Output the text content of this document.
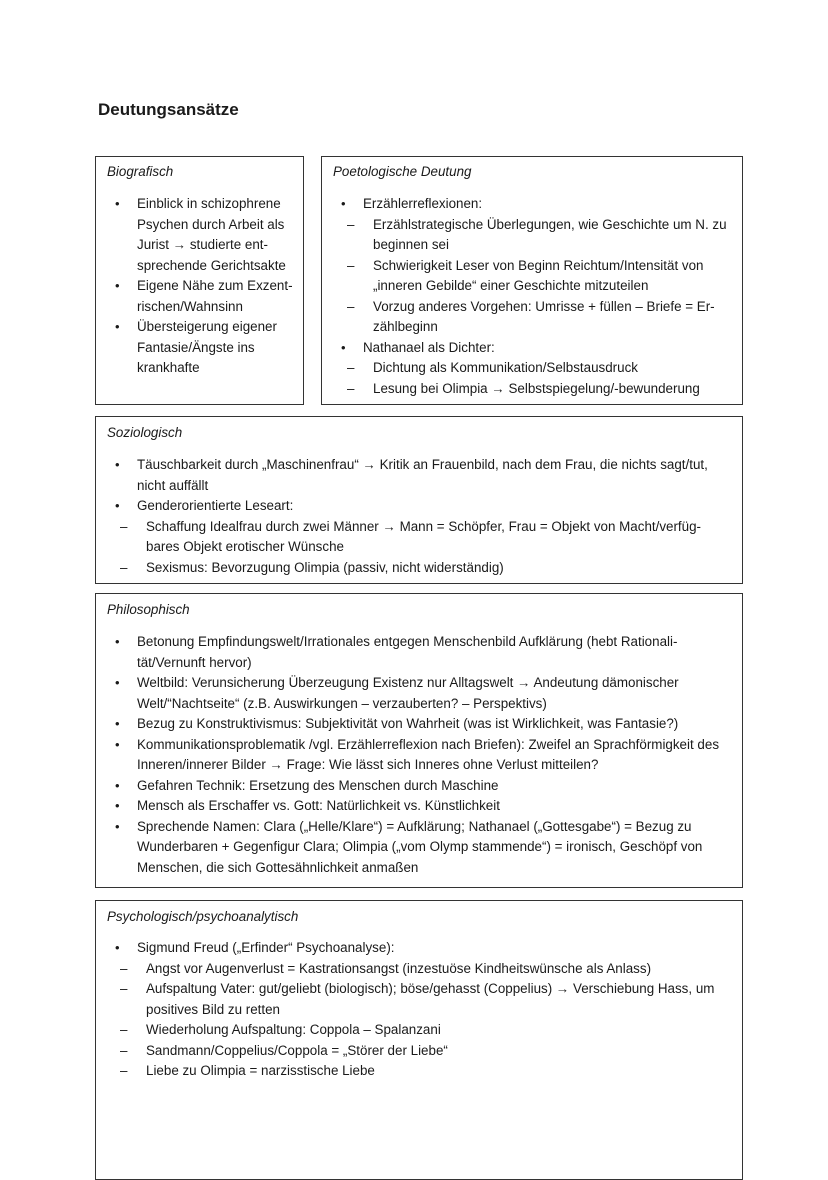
Deutungsansätze

Biografisch

• Einblick in schizophrene Psychen durch Arbeit als Jurist → studierte ent-sprechende Gerichtsakte
• Eigene Nähe zum Exzent-rischen/Wahnsinn
• Übersteigerung eigener Fantasie/Ängste ins krankhafte

Poetologische Deutung

• Erzählerreflexionen:
– Erzählstrategische Überlegungen, wie Geschichte um N. zu beginnen sei
– Schwierigkeit Leser von Beginn Reichtum/Intensität von „inneren Gebilde“ einer Geschichte mitzuteilen
– Vorzug anderes Vorgehen: Umrisse + füllen – Briefe = Er-zählbeginn
• Nathanael als Dichter:
– Dichtung als Kommunikation/Selbstausdruck
– Lesung bei Olimpia → Selbstspiegelung/-bewunderung

Soziologisch

• Täuschbarkeit durch „Maschinenfrau“ → Kritik an Frauenbild, nach dem Frau, die nichts sagt/tut, nicht auffällt
• Genderorientierte Leseart:
– Schaffung Idealfrau durch zwei Männer → Mann = Schöpfer, Frau = Objekt von Macht/verfüg-bares Objekt erotischer Wünsche
– Sexismus: Bevorzugung Olimpia (passiv, nicht widerständig)

Philosophisch

• Betonung Empfindungswelt/Irrationales entgegen Menschenbild Aufklärung (hebt Rationali-tät/Vernunft hervor)
• Weltbild: Verunsicherung Überzeugung Existenz nur Alltagswelt → Andeutung dämonischer Welt/“Nachtseite“ (z.B. Auswirkungen – verzauberten? – Perspektivs)
• Bezug zu Konstruktivismus: Subjektivität von Wahrheit (was ist Wirklichkeit, was Fantasie?)
• Kommunikationsproblematik /vgl. Erzählerreflexion nach Briefen): Zweifel an Sprachförmigkeit des Inneren/innerer Bilder → Frage: Wie lässt sich Inneres ohne Verlust mitteilen?
• Gefahren Technik: Ersetzung des Menschen durch Maschine
• Mensch als Erschaffer vs. Gott: Natürlichkeit vs. Künstlichkeit
• Sprechende Namen: Clara („Helle/Klare“) = Aufklärung; Nathanael („Gottesgabe“) = Bezug zu Wunderbaren + Gegenfigur Clara; Olimpia („vom Olymp stammende“) = ironisch, Geschöpf von Menschen, die sich Gottesähnlichkeit anmaßen

Psychologisch/psychoanalytisch

• Sigmund Freud („Erfinder“ Psychoanalyse):
– Angst vor Augenverlust = Kastrationsangst (inzestuöse Kindheitswünsche als Anlass)
– Aufspaltung Vater: gut/geliebt (biologisch); böse/gehasst (Coppelius) → Verschiebung Hass, um positives Bild zu retten
– Wiederholung Aufspaltung: Coppola – Spalanzani
– Sandmann/Coppelius/Coppola = „Störer der Liebe“
– Liebe zu Olimpia = narzisstische Liebe
